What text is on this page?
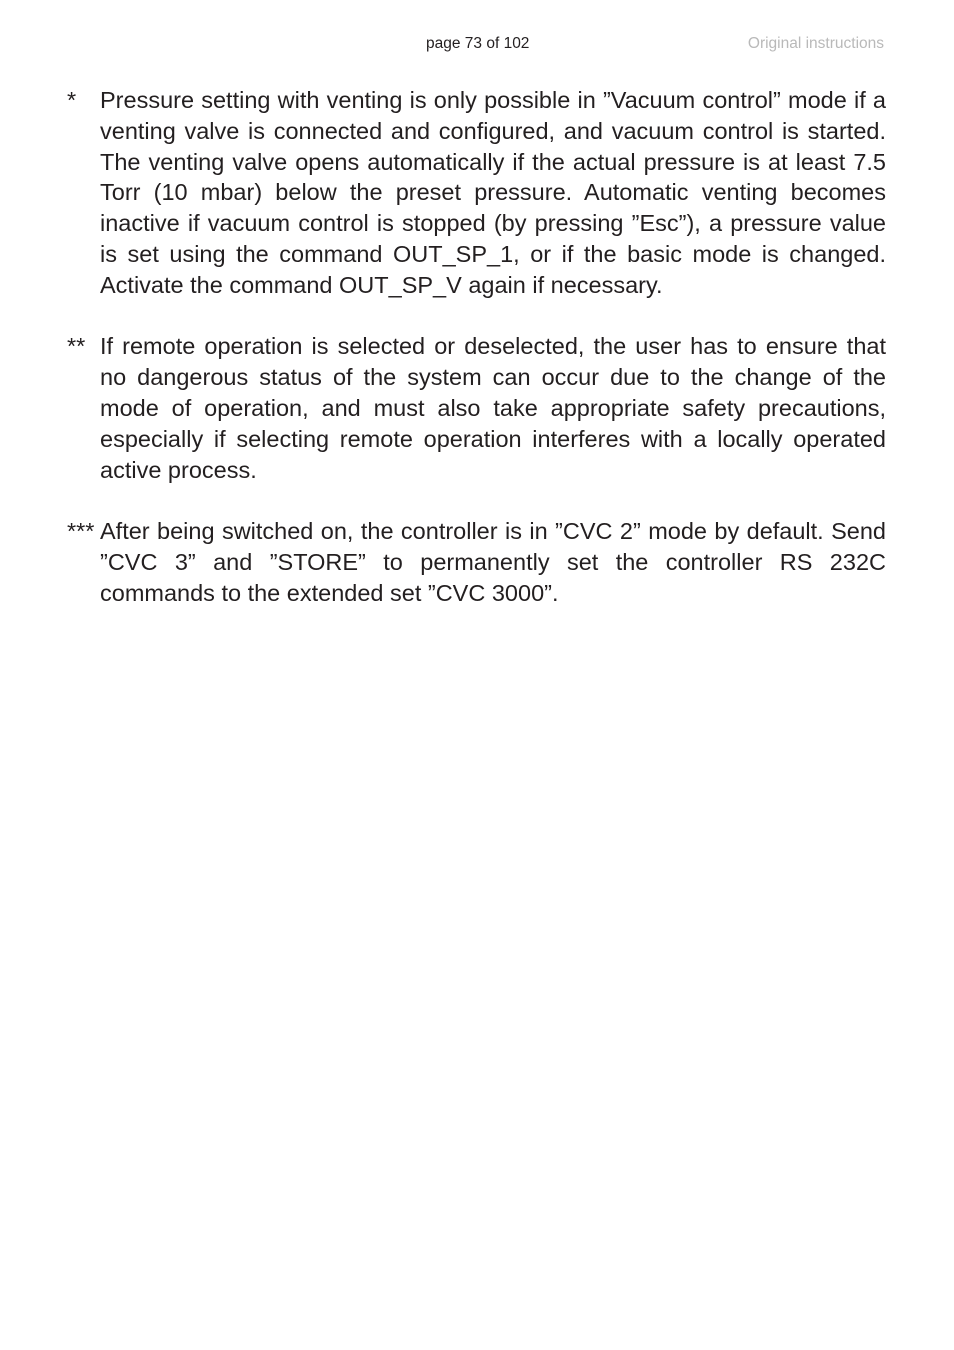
page 73 of 102	Original instructions
* Pressure setting with venting is only possible in ”Vacuum control” mode if a venting valve is connected and configured, and vacuum control is started. The venting valve opens automatically if the actual pressure is at least 7.5 Torr (10 mbar) below the preset pressure. Automatic venting becomes inactive if vacuum control is stopped (by pressing ”Esc”), a pressure value is set using the command OUT_SP_1, or if the basic mode is changed. Activate the command OUT_SP_V again if necessary.
** If remote operation is selected or deselected, the user has to ensure that no dangerous status of the system can occur due to the change of the mode of operation, and must also take appropriate safety precautions, especially if selecting remote operation interferes with a locally operated active process.
*** After being switched on, the controller is in ”CVC 2” mode by default. Send ”CVC 3” and ”STORE” to permanently set the controller RS 232C commands to the extended set ”CVC 3000”.
